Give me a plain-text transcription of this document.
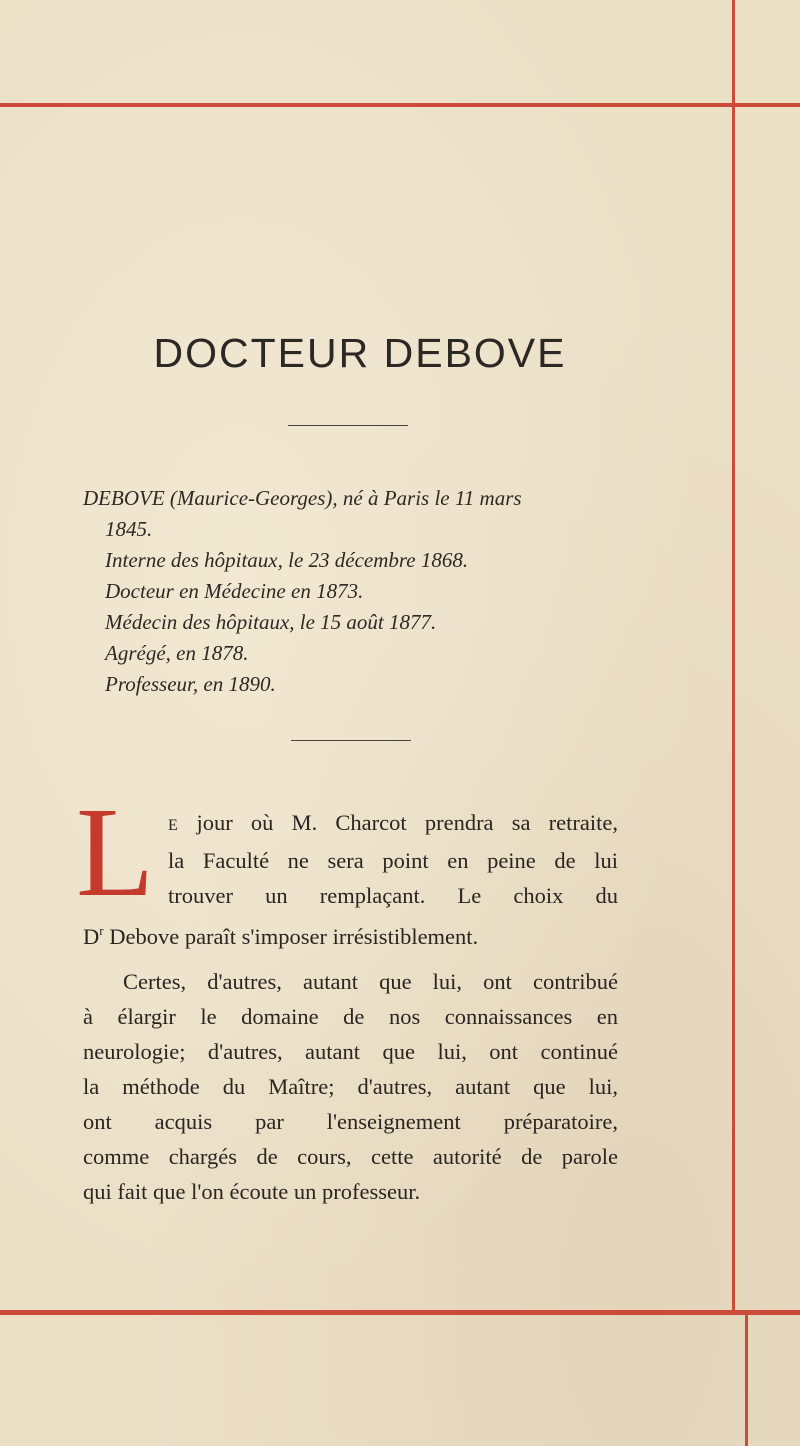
DOCTEUR DEBOVE
DEBOVE (Maurice-Georges), né à Paris le 11 mars
1845.
Interne des hôpitaux, le 23 décembre 1868.
Docteur en Médecine en 1873.
Médecin des hôpitaux, le 15 août 1877.
Agrégé, en 1878.
Professeur, en 1890.
L E jour où M. Charcot prendra sa retraite,
la Faculté ne sera point en peine de lui
trouver un remplaçant. Le choix du
$D^r$ Debove paraît s'imposer irrésistiblement.

Certes, d'autres, autant que lui, ont contribué
à élargir le domaine de nos connaissances en
neurologie; d'autres, autant que lui, ont continué
la méthode du Maître; d'autres, autant que lui,
ont acquis par l'enseignement préparatoire,
comme chargés de cours, cette autorité de parole
qui fait que l'on écoute un professeur.
